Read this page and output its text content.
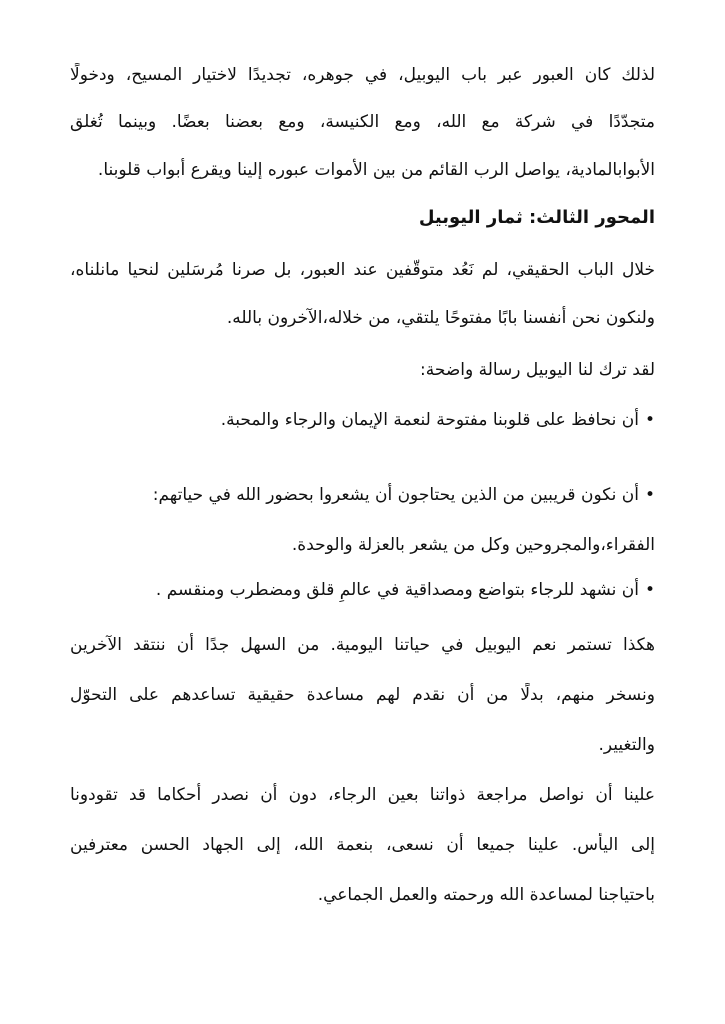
لذلك كان العبور عبر باب اليوبيل، في جوهره، تجديدًا لاختيار المسيح، ودخولًا
متجدّدًا في شركة مع الله، ومع الكنيسة، ومع بعضنا بعضًا. وبينما تُغلق
الأبوابالمادية، يواصل الرب القائم من بين الأموات عبوره إلينا ويقرع أبواب قلوبنا.
المحور الثالث: ثمار اليوبيل
خلال الباب الحقيقي، لم نَعُد متوقّفين عند العبور، بل صرنا مُرسَلين لنحيا مانلناه،
ولنكون نحن أنفسنا بابًا مفتوحًا يلتقي، من خلاله،الآخرون بالله.
لقد ترك لنا اليوبيل رسالة واضحة:
•أن نحافظ على قلوبنا مفتوحة لنعمة الإيمان والرجاء والمحبة.
•أن نكون قريبين من الذين يحتاجون أن يشعروا بحضور الله في حياتهم:
الفقراء،والمجروحين وكل من يشعر بالعزلة والوحدة.
•أن نشهد للرجاء بتواضع ومصداقية في عالمٍ قلق ومضطرب ومنقسم .
هكذا تستمر نعم اليوبيل في حياتنا اليومية. من السهل جدًا أن ننتقد الآخرين
ونسخر منهم، بدلًا من أن نقدم لهم مساعدة حقيقية تساعدهم على التحوّل
والتغيير.
علينا أن نواصل مراجعة ذواتنا بعين الرجاء، دون أن نصدر أحكاما قد تقودونا
إلى اليأس. علينا جميعا أن نسعى، بنعمة الله، إلى الجهاد الحسن معترفين
باحتياجنا لمساعدة الله ورحمته والعمل الجماعي.
